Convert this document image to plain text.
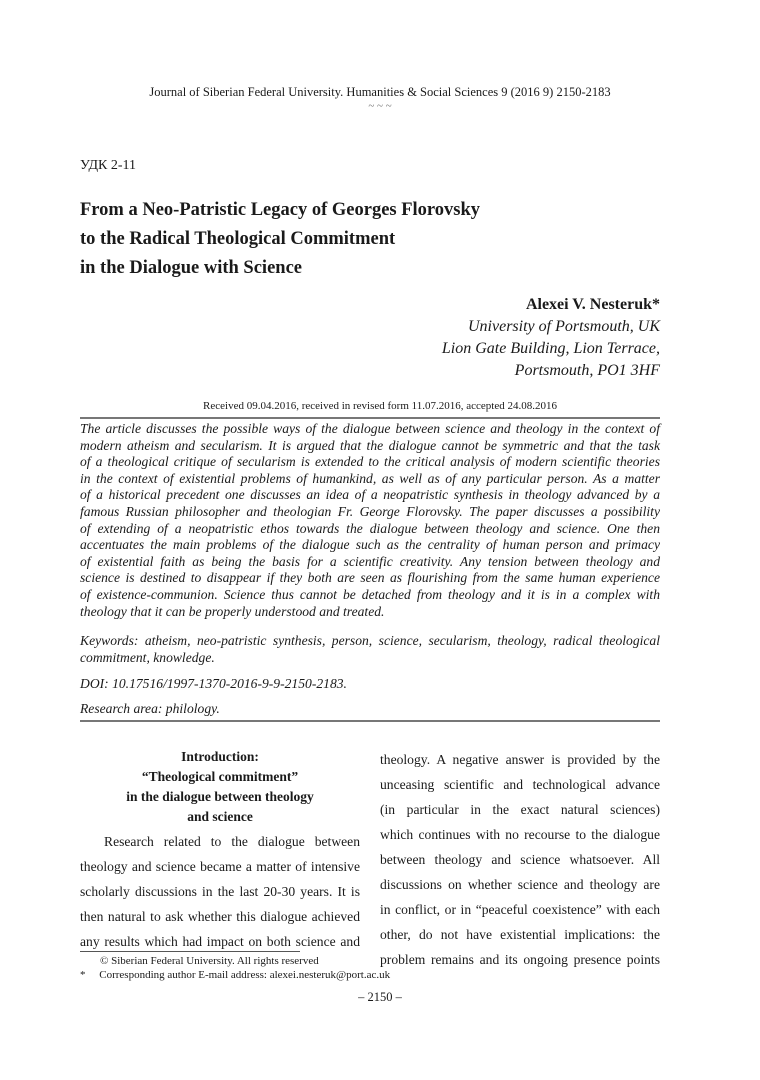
Journal of Siberian Federal University. Humanities & Social Sciences 9 (2016 9) 2150-2183
~ ~ ~
УДК 2-11
From a Neo-Patristic Legacy of Georges Florovsky
to the Radical Theological Commitment
in the Dialogue with Science
Alexei V. Nesteruk*
University of Portsmouth, UK
Lion Gate Building, Lion Terrace,
Portsmouth, PO1 3HF
Received 09.04.2016, received in revised form 11.07.2016, accepted 24.08.2016
The article discusses the possible ways of the dialogue between science and theology in the context of
modern atheism and secularism. It is argued that the dialogue cannot be symmetric and that the task
of a theological critique of secularism is extended to the critical analysis of modern scientific theories
in the context of existential problems of humankind, as well as of any particular person. As a matter
of a historical precedent one discusses an idea of a neopatristic synthesis in theology advanced by a
famous Russian philosopher and theologian Fr. George Florovsky. The paper discusses a possibility
of extending of a neopatristic ethos towards the dialogue between theology and science. One then
accentuates the main problems of the dialogue such as the centrality of human person and primacy
of existential faith as being the basis for a scientific creativity. Any tension between theology and
science is destined to disappear if they both are seen as flourishing from the same human experience
of existence-communion. Science thus cannot be detached from theology and it is in a complex with
theology that it can be properly understood and treated.
Keywords: atheism, neo-patristic synthesis, person, science, secularism, theology, radical theological
commitment, knowledge.
DOI: 10.17516/1997-1370-2016-9-9-2150-2183.
Research area: philology.
Introduction:
“Theological commitment”
in the dialogue between theology
and science
Research related to the dialogue between
theology and science became a matter of intensive
scholarly discussions in the last 20-30 years. It is
then natural to ask whether this dialogue achieved
any results which had impact on both science and
theology. A negative answer is provided by the
unceasing scientific and technological advance
(in particular in the exact natural sciences)
which continues with no recourse to the dialogue
between theology and science whatsoever. All
discussions on whether science and theology are
in conflict, or in “peaceful coexistence” with each
other, do not have existential implications: the
problem remains and its ongoing presence points
© Siberian Federal University. All rights reserved
*     Corresponding author E-mail address: alexei.nesteruk@port.ac.uk
– 2150 –
